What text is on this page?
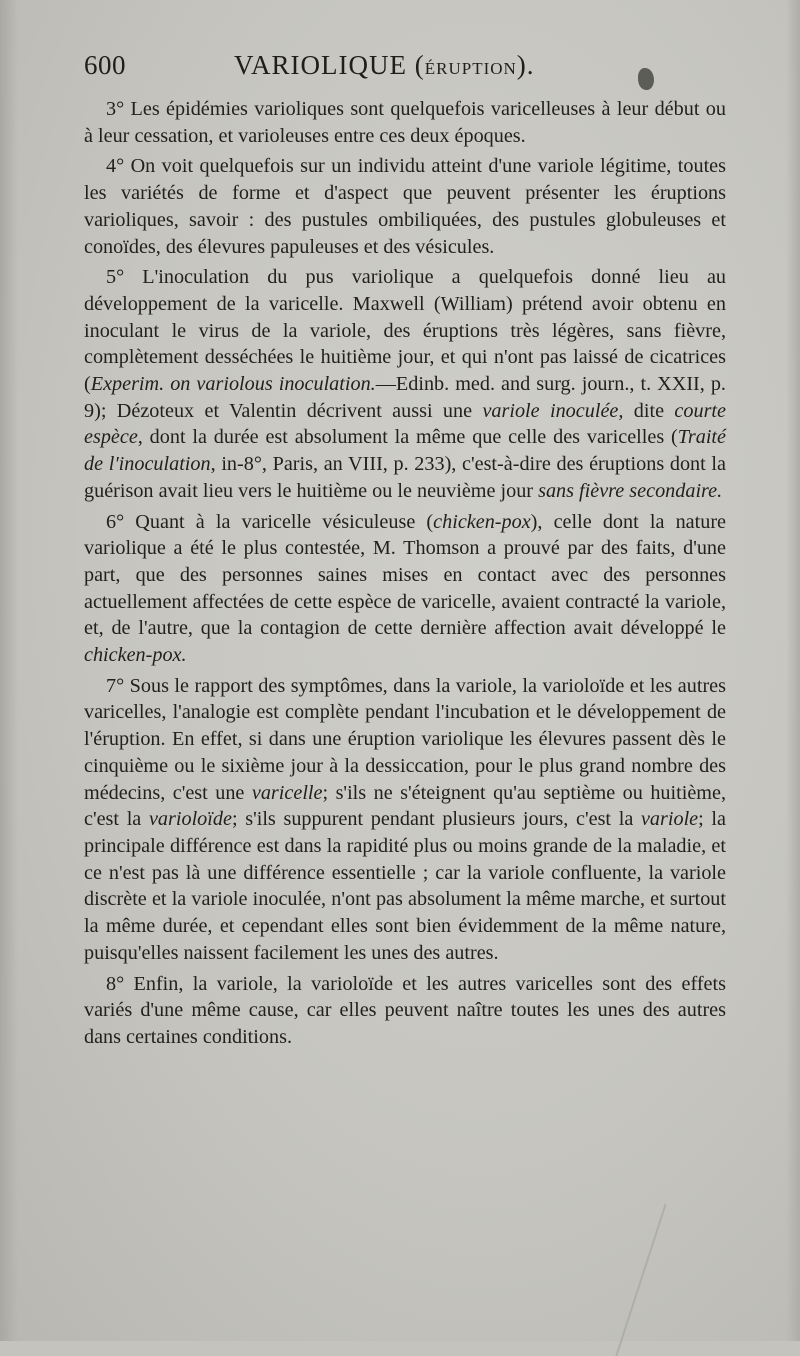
600	VARIOLIQUE (ÉRUPTION).

3° Les épidémies varioliques sont quelquefois varicelleuses à leur début ou à leur cessation, et varioleuses entre ces deux époques.

4° On voit quelquefois sur un individu atteint d'une variole légitime, toutes les variétés de forme et d'aspect que peuvent présenter les éruptions varioliques, savoir : des pustules ombiliquées, des pustules globuleuses et conoïdes, des élevures papuleuses et des vésicules.

5° L'inoculation du pus variolique a quelquefois donné lieu au développement de la varicelle. Maxwell (William) prétend avoir obtenu en inoculant le virus de la variole, des éruptions très légères, sans fièvre, complètement desséchées le huitième jour, et qui n'ont pas laissé de cicatrices (Experim. on variolous inoculation.—Edinb. med. and surg. journ., t. XXII, p. 9); Dézoteux et Valentin décrivent aussi une variole inoculée, dite courte espèce, dont la durée est absolument la même que celle des varicelles (Traité de l'inoculation, in-8°, Paris, an VIII, p. 233), c'est-à-dire des éruptions dont la guérison avait lieu vers le huitième ou le neuvième jour sans fièvre secondaire.

6° Quant à la varicelle vésiculeuse (chicken-pox), celle dont la nature variolique a été le plus contestée, M. Thomson a prouvé par des faits, d'une part, que des personnes saines mises en contact avec des personnes actuellement affectées de cette espèce de varicelle, avaient contracté la variole, et, de l'autre, que la contagion de cette dernière affection avait développé le chicken-pox.

7° Sous le rapport des symptômes, dans la variole, la varioloïde et les autres varicelles, l'analogie est complète pendant l'incubation et le développement de l'éruption. En effet, si dans une éruption variolique les élevures passent dès le cinquième ou le sixième jour à la dessiccation, pour le plus grand nombre des médecins, c'est une varicelle; s'ils ne s'éteignent qu'au septième ou huitième, c'est la varioloïde; s'ils suppurent pendant plusieurs jours, c'est la variole; la principale différence est dans la rapidité plus ou moins grande de la maladie, et ce n'est pas là une différence essentielle ; car la variole confluente, la variole discrète et la variole inoculée, n'ont pas absolument la même marche, et surtout la même durée, et cependant elles sont bien évidemment de la même nature, puisqu'elles naissent facilement les unes des autres.

8° Enfin, la variole, la varioloïde et les autres varicelles sont des effets variés d'une même cause, car elles peuvent naître toutes les unes des autres dans certaines conditions.
